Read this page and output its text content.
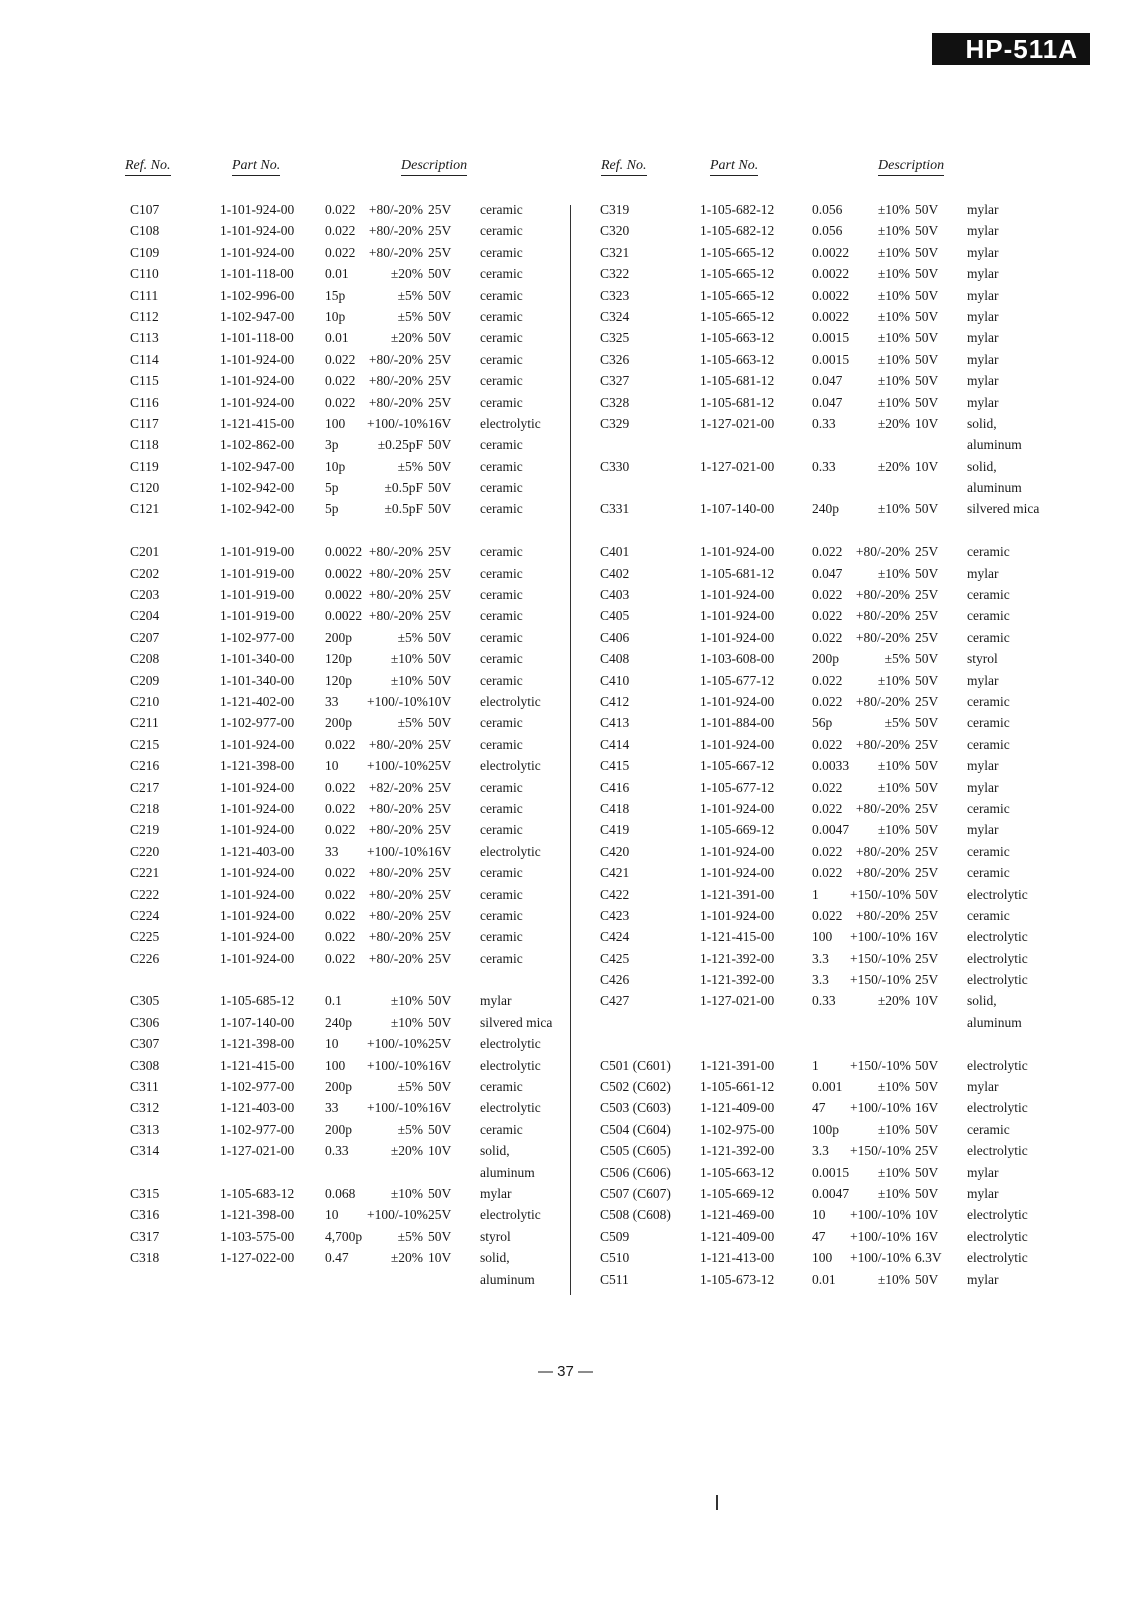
HP-511A
Ref. No.	Part No.	Description	Ref. No.	Part No.	Description
C107	1-101-924-00 0.022 +80/-20% 25V ceramic
C108	1-101-924-00 0.022 +80/-20% 25V ceramic
C109	1-101-924-00 0.022 +80/-20% 25V ceramic
C110	1-101-118-00 0.01	±20% 50V ceramic
C111	1-102-996-00 15p	±5% 50V ceramic
C112	1-102-947-00 10p	±5% 50V ceramic
C113	1-101-118-00 0.01	±20% 50V ceramic
C114	1-101-924-00 0.022 +80/-20% 25V ceramic
C115	1-101-924-00 0.022 +80/-20% 25V ceramic
C116	1-101-924-00 0.022 +80/-20% 25V ceramic
C117	1-121-415-00 100 +100/-10% 16V electrolytic
C118	1-102-862-00 3p	±0.25pF 50V ceramic
C119	1-102-947-00 10p	±5% 50V ceramic
C120	1-102-942-00 5p	±0.5pF 50V ceramic
C121	1-102-942-00 5p	±0.5pF 50V ceramic
C201	1-101-919-00 0.0022 +80/-20% 25V ceramic
C202	1-101-919-00 0.0022 +80/-20% 25V ceramic
C203	1-101-919-00 0.0022 +80/-20% 25V ceramic
C204	1-101-919-00 0.0022 +80/-20% 25V ceramic
C207	1-102-977-00 200p	±5% 50V ceramic
C208	1-101-340-00 120p	±10% 50V ceramic
C209	1-101-340-00 120p	±10% 50V ceramic
C210	1-121-402-00 33 +100/-10% 10V electrolytic
C211	1-102-977-00 200p	±5% 50V ceramic
C215	1-101-924-00 0.022 +80/-20% 25V ceramic
C216	1-121-398-00 10 +100/-10% 25V electrolytic
C217	1-101-924-00 0.022 +82/-20% 25V ceramic
C218	1-101-924-00 0.022 +80/-20% 25V ceramic
C219	1-101-924-00 0.022 +80/-20% 25V ceramic
C220	1-121-403-00 33 +100/-10% 16V electrolytic
C221	1-101-924-00 0.022 +80/-20% 25V ceramic
C222	1-101-924-00 0.022 +80/-20% 25V ceramic
C224	1-101-924-00 0.022 +80/-20% 25V ceramic
C225	1-101-924-00 0.022 +80/-20% 25V ceramic
C226	1-101-924-00 0.022 +80/-20% 25V ceramic
C305	1-105-685-12 0.1	±10% 50V mylar
C306	1-107-140-00 240p	±10% 50V silvered mica
C307	1-121-398-00 10 +100/-10% 25V electrolytic
C308	1-121-415-00 100 +100/-10% 16V electrolytic
C311	1-102-977-00 200p	±5% 50V ceramic
C312	1-121-403-00 33 +100/-10% 16V electrolytic
C313	1-102-977-00 200p	±5% 50V ceramic
C314	1-127-021-00 0.33	±20% 10V solid,
aluminum
C315	1-105-683-12 0.068	±10% 50V mylar
C316	1-121-398-00 10 +100/-10% 25V electrolytic
C317	1-103-575-00 4,700p	±5% 50V styrol
C318	1-127-022-00 0.47	±20% 10V solid,
aluminum
C319	1-105-682-12	0.056	±10% 50V mylar
C320	1-105-682-12	0.056	±10% 50V mylar
C321	1-105-665-12	0.0022	±10% 50V mylar
C322	1-105-665-12	0.0022	±10% 50V mylar
C323	1-105-665-12	0.0022	±10% 50V mylar
C324	1-105-665-12	0.0022	±10% 50V mylar
C325	1-105-663-12	0.0015	±10% 50V mylar
C326	1-105-663-12	0.0015	±10% 50V mylar
C327	1-105-681-12	0.047	±10% 50V mylar
C328	1-105-681-12	0.047	±10% 50V mylar
C329	1-127-021-00	0.33	±20% 10V solid,
aluminum
C330	1-127-021-00	0.33	±20% 10V solid,
aluminum
C331	1-107-140-00	240p	±10% 50V silvered mica
C401	1-101-924-00	0.022	+80/-20% 25V ceramic
C402	1-105-681-12	0.047	±10% 50V mylar
C403	1-101-924-00	0.022	+80/-20% 25V ceramic
C405	1-101-924-00	0.022	+80/-20% 25V ceramic
C406	1-101-924-00	0.022	+80/-20% 25V ceramic
C408	1-103-608-00	200p	±5% 50V styrol
C410	1-105-677-12	0.022	±10% 50V mylar
C412	1-101-924-00	0.022	+80/-20% 25V ceramic
C413	1-101-884-00	56p	±5% 50V ceramic
C414	1-101-924-00	0.022	+80/-20% 25V ceramic
C415	1-105-667-12	0.0033	±10% 50V mylar
C416	1-105-677-12	0.022	±10% 50V mylar
C418	1-101-924-00	0.022	+80/-20% 25V ceramic
C419	1-105-669-12	0.0047	±10% 50V mylar
C420	1-101-924-00	0.022	+80/-20% 25V ceramic
C421	1-101-924-00	0.022	+80/-20% 25V ceramic
C422	1-121-391-00	1 +150/-10% 50V electrolytic
C423	1-101-924-00	0.022	+80/-20% 25V ceramic
C424	1-121-415-00	100 +100/-10% 16V electrolytic
C425	1-121-392-00	3.3 +150/-10% 25V electrolytic
C426	1-121-392-00	3.3 +150/-10% 25V electrolytic
C427	1-127-021-00	0.33	±20% 10V solid,
aluminum
C501 (C601) 1-121-391-00	1 +150/-10% 50V electrolytic
C502 (C602) 1-105-661-12	0.001	±10% 50V mylar
C503 (C603) 1-121-409-00	47 +100/-10% 16V electrolytic
C504 (C604) 1-102-975-00	100p	±10% 50V ceramic
C505 (C605) 1-121-392-00	3.3 +150/-10% 25V electrolytic
C506 (C606) 1-105-663-12	0.0015	±10% 50V mylar
C507 (C607) 1-105-669-12	0.0047	±10% 50V mylar
C508 (C608) 1-121-469-00	10 +100/-10% 10V electrolytic
C509	1-121-409-00	47 +100/-10% 16V electrolytic
C510	1-121-413-00	100 +100/-10% 6.3V electrolytic
C511	1-105-673-12	0.01	±10% 50V mylar
— 37 —
